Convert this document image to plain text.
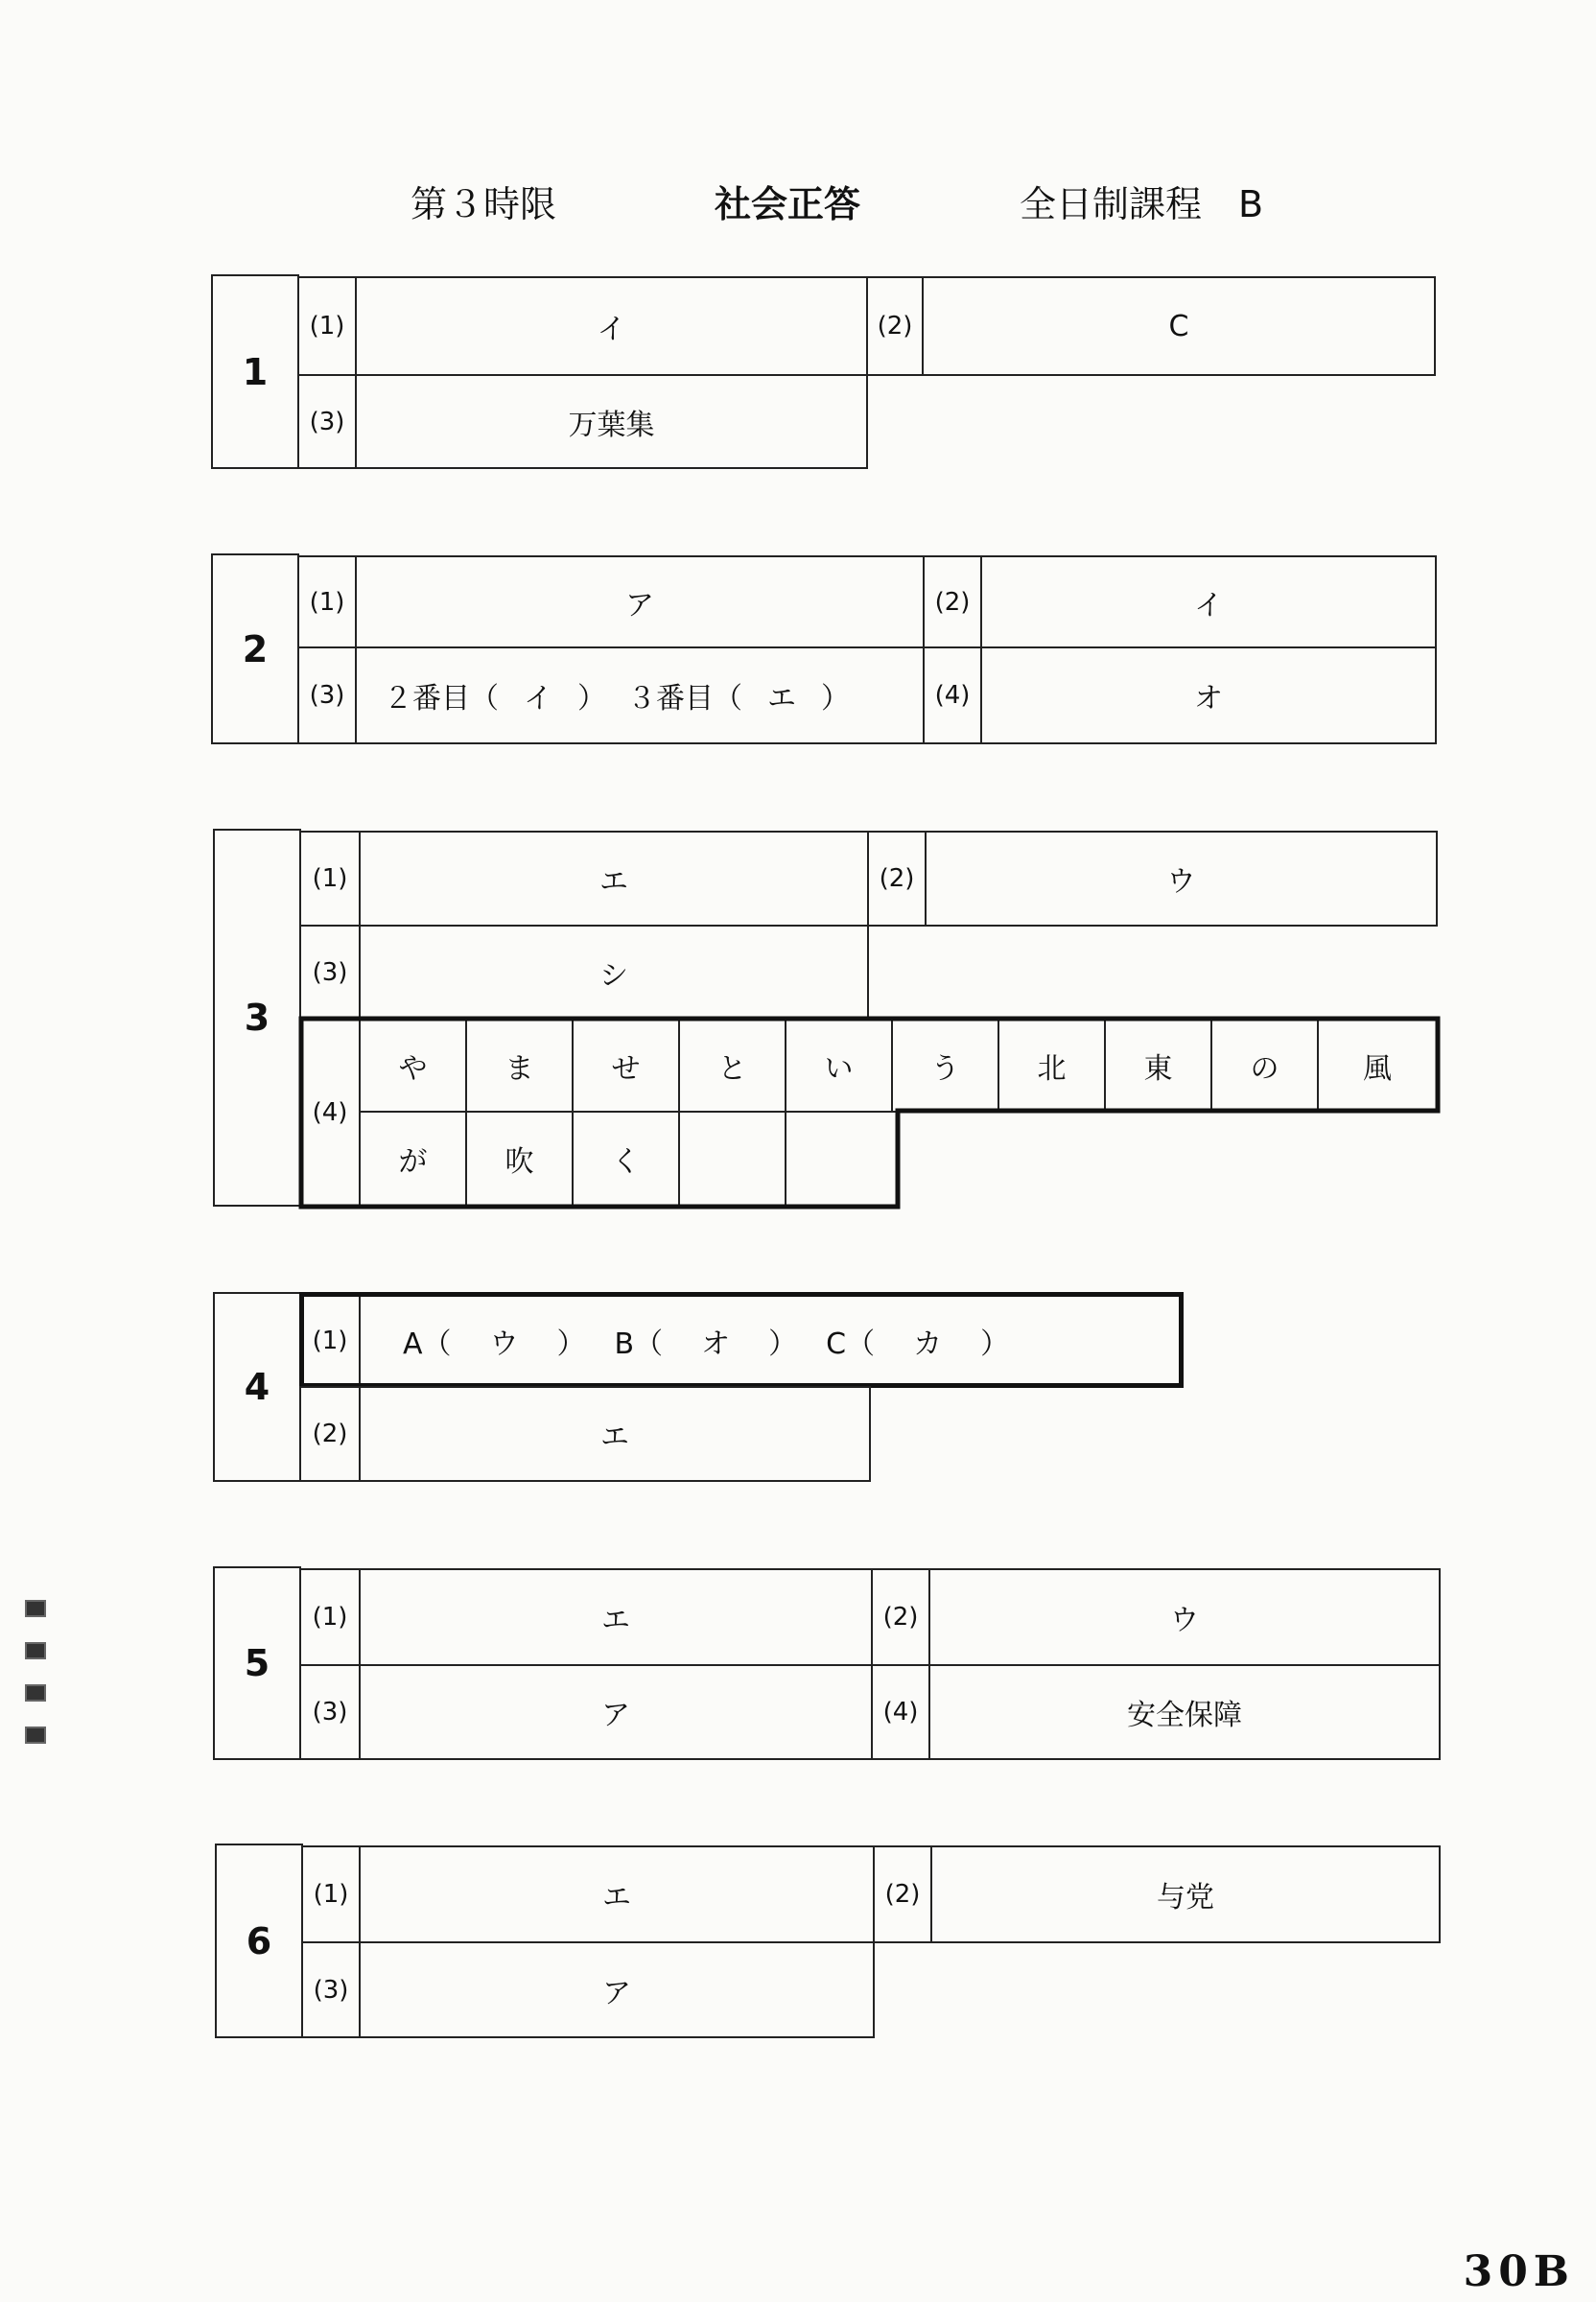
第３時限	社会正答	全日制課程　B
1
(1)	イ	(2)	C
(3)	万葉集
2
(1)	ア	(2)	イ
(3)	２番目（ イ ） ３番目（ エ ）	(4)	オ
3
(1)	エ	(2)	ウ
(3)	シ
(4)
や	ま	せ	と	い	う	北	東	の	風
が	吹	く
4
(1)	A（ ウ ） B（ オ ） C（ カ ）
(2)	エ
5
(1)	エ	(2)	ウ
(3)	ア	(4)	安全保障
6
(1)	エ	(2)	与党
(3)	ア
30B
